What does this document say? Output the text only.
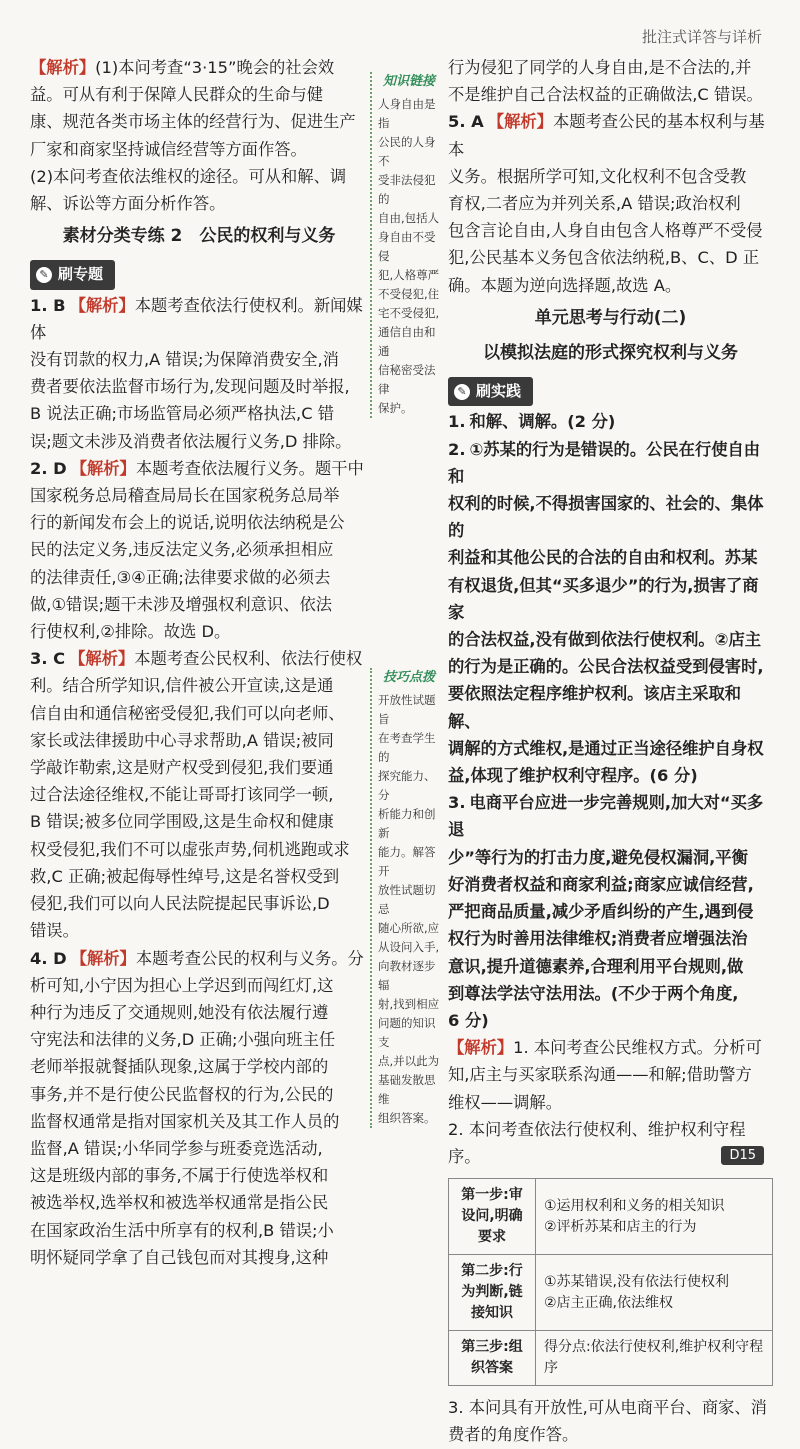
批注式详答与详析

【解析】(1)本问考查“3·15”晚会的社会效

益。可从有利于保障人民群众的生命与健

康、规范各类市场主体的经营行为、促进生产

厂家和商家坚持诚信经营等方面作答。

(2)本问考查依法维权的途径。可从和解、调

解、诉讼等方面分析作答。

素材分类专练 2　公民的权利与义务
✎ 刷专题

1. B 【解析】本题考查依法行使权利。新闻媒体

没有罚款的权力,A 错误;为保障消费安全,消

费者要依法监督市场行为,发现问题及时举报,

B 说法正确;市场监管局必须严格执法,C 错

误;题文未涉及消费者依法履行义务,D 排除。

2. D 【解析】本题考查依法履行义务。题干中

国家税务总局稽查局局长在国家税务总局举

行的新闻发布会上的说话,说明依法纳税是公

民的法定义务,违反法定义务,必须承担相应

的法律责任,③④正确;法律要求做的必须去

做,①错误;题干未涉及增强权利意识、依法

行使权利,②排除。故选 D。

3. C 【解析】本题考查公民权利、依法行使权

利。结合所学知识,信件被公开宣读,这是通

信自由和通信秘密受侵犯,我们可以向老师、

家长或法律援助中心寻求帮助,A 错误;被同

学敲诈勒索,这是财产权受到侵犯,我们要通

过合法途径维权,不能让哥哥打该同学一顿,

B 错误;被多位同学围殴,这是生命权和健康

权受侵犯,我们不可以虚张声势,伺机逃跑或求

救,C 正确;被起侮辱性绰号,这是名誉权受到

侵犯,我们可以向人民法院提起民事诉讼,D

错误。

4. D 【解析】本题考查公民的权利与义务。分

析可知,小宁因为担心上学迟到而闯红灯,这

种行为违反了交通规则,她没有依法履行遵

守宪法和法律的义务,D 正确;小强向班主任

老师举报就餐插队现象,这属于学校内部的

事务,并不是行使公民监督权的行为,公民的

监督权通常是指对国家机关及其工作人员的

监督,A 错误;小华同学参与班委竞选活动,

这是班级内部的事务,不属于行使选举权和

被选举权,选举权和被选举权通常是指公民

在国家政治生活中所享有的权利,B 错误;小

明怀疑同学拿了自己钱包而对其搜身,这种

知识链接
人身自由是指
公民的人身不
受非法侵犯的
自由,包括人
身自由不受侵
犯,人格尊严
不受侵犯,住
宅不受侵犯,
通信自由和通
信秘密受法律
保护。
技巧点拨
开放性试题旨
在考查学生的
探究能力、分
析能力和创新
能力。解答开
放性试题切忌
随心所欲,应
从设问入手,
向教材逐步辐
射,找到相应
问题的知识支
点,并以此为
基础发散思维
组织答案。

行为侵犯了同学的人身自由,是不合法的,并

不是维护自己合法权益的正确做法,C 错误。

5. A 【解析】本题考查公民的基本权利与基本

义务。根据所学可知,文化权利不包含受教

育权,二者应为并列关系,A 错误;政治权利

包含言论自由,人身自由包含人格尊严不受侵

犯,公民基本义务包含依法纳税,B、C、D 正

确。本题为逆向选择题,故选 A。

单元思考与行动(二)
以模拟法庭的形式探究权利与义务
✎ 刷实践

1. 和解、调解。(2 分)

2. ①苏某的行为是错误的。公民在行使自由和

权利的时候,不得损害国家的、社会的、集体的

利益和其他公民的合法的自由和权利。苏某

有权退货,但其“买多退少”的行为,损害了商家

的合法权益,没有做到依法行使权利。②店主

的行为是正确的。公民合法权益受到侵害时,

要依照法定程序维护权利。该店主采取和解、

调解的方式维权,是通过正当途径维护自身权

益,体现了维护权利守程序。(6 分)

3. 电商平台应进一步完善规则,加大对“买多退

少”等行为的打击力度,避免侵权漏洞,平衡

好消费者权益和商家利益;商家应诚信经营,

严把商品质量,减少矛盾纠纷的产生,遇到侵

权行为时善用法律维权;消费者应增强法治

意识,提升道德素养,合理利用平台规则,做

到尊法学法守法用法。(不少于两个角度,

6 分)

【解析】1. 本问考查公民维权方式。分析可

知,店主与买家联系沟通——和解;借助警方

维权——调解。

2. 本问考查依法行使权利、维护权利守程序。

第一步:审设问,明确要求	①运用权利和义务的相关知识
②评析苏某和店主的行为

第二步:行为判断,链接知识	①苏某错误,没有依法行使权利
②店主正确,依法维权

第三步:组织答案	得分点:依法行使权利,维护权利守程序

3. 本问具有开放性,可从电商平台、商家、消

费者的角度作答。

D15
